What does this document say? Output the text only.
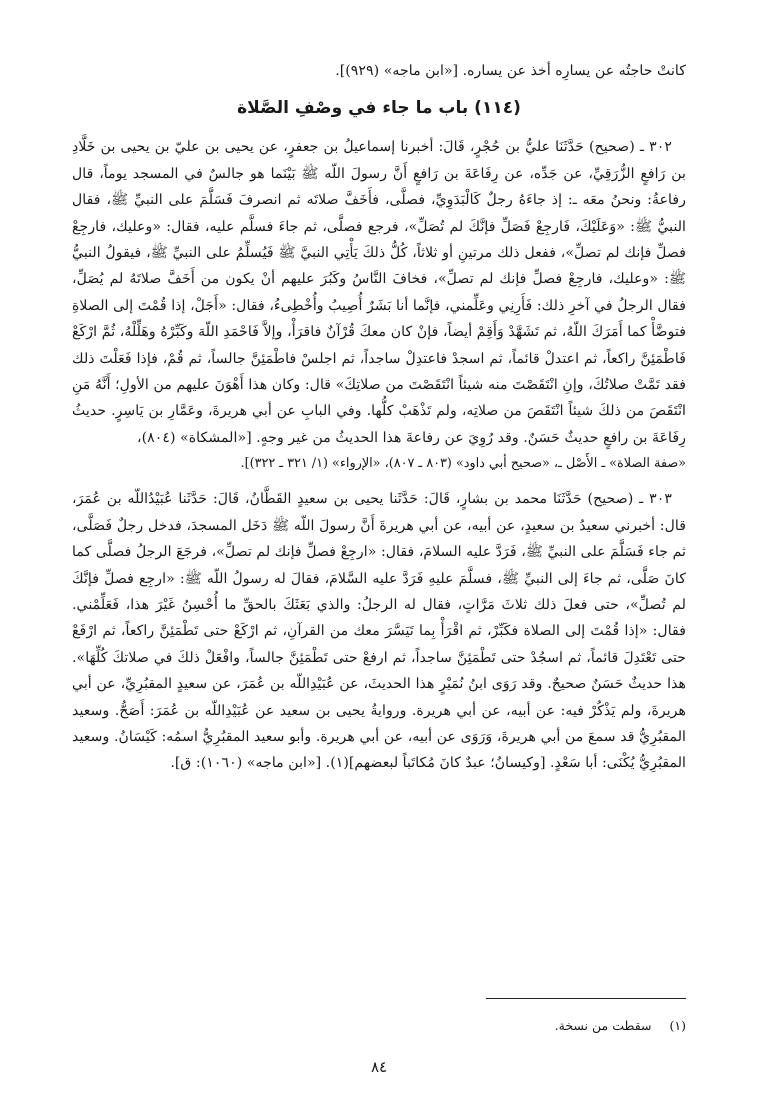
كانتْ حاجتُه عن يسارِه أخذ عن يساره. [«ابن ماجه» (٩٢٩)].

(١١٤) باب ما جاء في وصْفِ الصَّلاة

٣٠٢ ـ (صحيح) حَدَّثَنَا عليُّ بن حُجْرٍ، قَالَ: أخبرنا إسماعيلُ بن جعفرٍ، عن يحيى بن عليّ بن يحيى بن خَلَّادِ بن رَافعٍ الزُّرَقِيِّ، عن جَدِّه، عن رِفَاعَةَ بن رَافعٍ أَنَّ رسولَ اللّه ﷺ بَيْنَما هو جالسٌ في المسجد يوماً، قال رفاعةُ: ونحنُ معَه ـ: إذ جاءَهُ رجلٌ كَالْبَدَوِيِّ، فصلَّى، فأَخَفَّ صلاتَه ثم انصرفَ فَسَلَّمَ على النبيِّ ﷺ، فقال النبيُّ ﷺ: «وَعَلَيْكَ، فَارجِعْ فَصَلِّ فإنَّكَ لم تُصَلِّ»، فرجع فصلَّى، ثم جاءَ فسلَّم عليه، فقال: «وعليك، فارجِعْ فصلِّ فإنك لم تصلِّ»، ففعل ذلك مرتينِ أو ثلاثاً، كُلُّ ذلكَ يَأْتِي النبيَّ ﷺ فَيُسلِّمُ على النبيِّ ﷺ، فيقولُ النبيُّ ﷺ: «وعليك، فارجِعْ فصلِّ فإنك لم تصلِّ»، فخافَ النَّاسُ وكَبُرَ عليهم أنْ يكون من أَخَفَّ صلاتَهُ لم يُصَلِّ، فقال الرجلُ في آخرِ ذلك: فَأَرِنِي وعَلِّمني، فإنَّما أنا بَشَرٌ أُصِيبُ وأُخْطِىءُ، فقال: «أَجَلْ، إذا قُمْتَ إلى الصلاةِ فتوضَّأْ كما أَمَرَكَ اللّهُ، ثم تَشَهَّدْ وَأَقِمْ أيضاً، فإنْ كان معكَ قُرْآنٌ فاقرَأْ، وإلاَّ فَاحْمَدِ اللّهَ وكَبِّرْهُ وهَلِّلْهُ، ثُمَّ ارْكَعْ فَاطْمَئِنَّ راكعاً، ثم اعتدلْ قائماً، ثم اسجدْ فاعتدِلْ ساجداً، ثم اجلسْ فاطْمَئِنَّ جالساً، ثم قُمْ، فإذا فَعَلْتَ ذلك فقد تَمَّتْ صلاتُكَ، وإنِ انْتَقَصْتَ منه شيئاً انْتَقَصْتَ من صلاتِكَ» قال: وكان هذا أَهْوَنَ عليهم من الأولِ؛ أَنَّهُ مَنِ انْتَقَصَ من ذلكَ شيئاً انْتَقَصَ من صلاتِه، ولم تَذْهَبْ كلُّها. وفي البابِ عن أبي هريرةَ، وعَمَّارِ بن يَاسِرٍ. حديثُ رِفَاعَةَ بن رافعٍ حديثٌ حَسَنٌ. وقد رُوِيَ عن رفاعةَ هذا الحديثُ من غير وجهٍ. [«المشكاة» (٨٠٤)،

«صفة الصلاة» ـ الأَصْل ـ، «صحيح أبي داود» (٨٠٣ ـ ٨٠٧)، «الإرواء» (١/ ٣٢١ ـ ٣٢٢)].

٣٠٣ ـ (صحيح) حَدَّثَنَا محمد بن بشارٍ، قَالَ: حَدَّثَنا يحيى بن سعيدٍ القَطَّانُ، قَالَ: حَدَّثَنا عُبَيْدُاللّه بن عُمَرَ، قال: أخبرني سعيدُ بن سعيدٍ، عن أبيه، عن أبي هريرةَ أَنَّ رسولَ اللّه ﷺ دَخَل المسجدَ، فدخل رجلٌ فَصَلَّى، ثم جاء فَسَلَّمَ على النبيِّ ﷺ، فَرَدَّ عليه السلامَ، فقال: «ارجِعْ فصلِّ فإنك لم تصلِّ»، فرجَعَ الرجلُ فصلَّى كما كانَ صَلَّى، ثم جاءَ إلى النبيِّ ﷺ، فسلَّمَ عليهِ فَرَدَّ عليه السَّلامَ، فقالَ له رسولُ اللّه ﷺ: «ارجِع فصلِّ فإنَّكَ لم تُصلِّ»، حتى فعلَ ذلك ثلاثَ مَرَّاتٍ، فقال له الرجلُ: والذي بَعَثَكَ بالحقِّ ما أُحْسِنُ غَيْرَ هذا، فَعَلِّمْني. فقال: «إذا قُمْتَ إلى الصلاة فكَبِّرْ، ثم اقْرَأْ بِما تَيَسَّرَ معك من القرآنِ، ثم ارْكَعْ حتى تَطْمَئِنَّ راكعاً، ثم ارْفَعْ حتى تَعْتَدِلَ قائماً، ثم اسجُدْ حتى تَطْمَئِنَّ ساجداً، ثم ارفعْ حتى تَطْمَئِنَّ جالساً، وافْعَلْ ذلكَ في صلاتكَ كُلِّهَا». هذا حديثٌ حَسَنٌ صحيحٌ. وقد رَوَى ابنُ نُمَيْرٍ هذا الحديثَ، عن عُبَيْدِاللّه بن عُمَرَ، عن سعيدٍ المقبُرِيِّ، عن أبي هريرةَ، ولم يَذْكُرْ فيه: عن أبيه، عن أبي هريرة. وروايةُ يحيى بن سعيد عن عُبَيْدِاللّه بن عُمَرَ: أَصَحُّ. وسعيد المقبُرِيُّ قد سمعَ من أبي هريرةَ، وَرَوَى عن أبيه، عن أبي هريرة. وأبو سعيد المقبُرِيُّ اسمُه: كَيْسَانُ. وسعيد المقبُرِيُّ يُكْنَى: أبا سَعْدٍ. [وكيسانُ؛ عبدٌ كانَ مُكاتَباً لبعضهم](١). [«ابن ماجه» (١٠٦٠): ق].

(١) سقطت من نسخة.
٨٤
